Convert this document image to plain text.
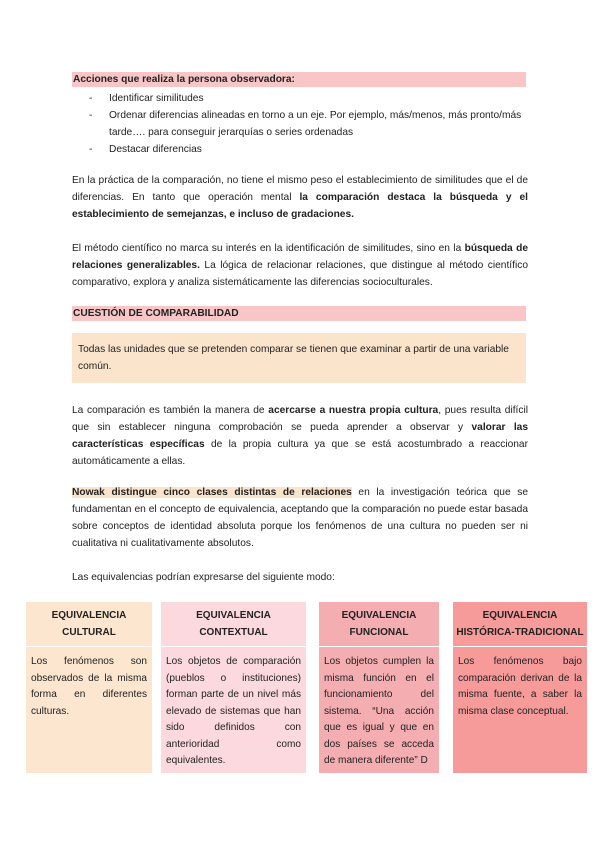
Acciones que realiza la persona observadora:
- Identificar similitudes
- Ordenar diferencias alineadas en torno a un eje. Por ejemplo, más/menos, más pronto/más tarde…. para conseguir jerarquías o series ordenadas
- Destacar diferencias

En la práctica de la comparación, no tiene el mismo peso el establecimiento de similitudes que el de diferencias. En tanto que operación mental la comparación destaca la búsqueda y el establecimiento de semejanzas, e incluso de gradaciones.

El método científico no marca su interés en la identificación de similitudes, sino en la búsqueda de relaciones generalizables. La lógica de relacionar relaciones, que distingue al método científico comparativo, explora y analiza sistemáticamente las diferencias socioculturales.

CUESTIÓN DE COMPARABILIDAD
Todas las unidades que se pretenden comparar se tienen que examinar a partir de una variable común.

La comparación es también la manera de acercarse a nuestra propia cultura, pues resulta difícil que sin establecer ninguna comprobación se pueda aprender a observar y valorar las características específicas de la propia cultura ya que se está acostumbrado a reaccionar automáticamente a ellas.

Nowak distingue cinco clases distintas de relaciones en la investigación teórica que se fundamentan en el concepto de equivalencia, aceptando que la comparación no puede estar basada sobre conceptos de identidad absoluta porque los fenómenos de una cultura no pueden ser ni cualitativa ni cualitativamente absolutos.

Las equivalencias podrían expresarse del siguiente modo:

EQUIVALENCIA
CULTURAL
Los fenómenos son observados de la misma forma en diferentes culturas.
EQUIVALENCIA
CONTEXTUAL
Los objetos de comparación (pueblos o instituciones) forman parte de un nivel más elevado de sistemas que han sido definidos con anterioridad como equivalentes.
EQUIVALENCIA
FUNCIONAL
Los objetos cumplen la misma función en el funcionamiento del sistema. “Una acción que es igual y que en dos países se acceda de manera diferente” D
EQUIVALENCIA
HISTÓRICA-TRADICIONAL
Los fenómenos bajo comparación derivan de la misma fuente, a saber la misma clase conceptual.
